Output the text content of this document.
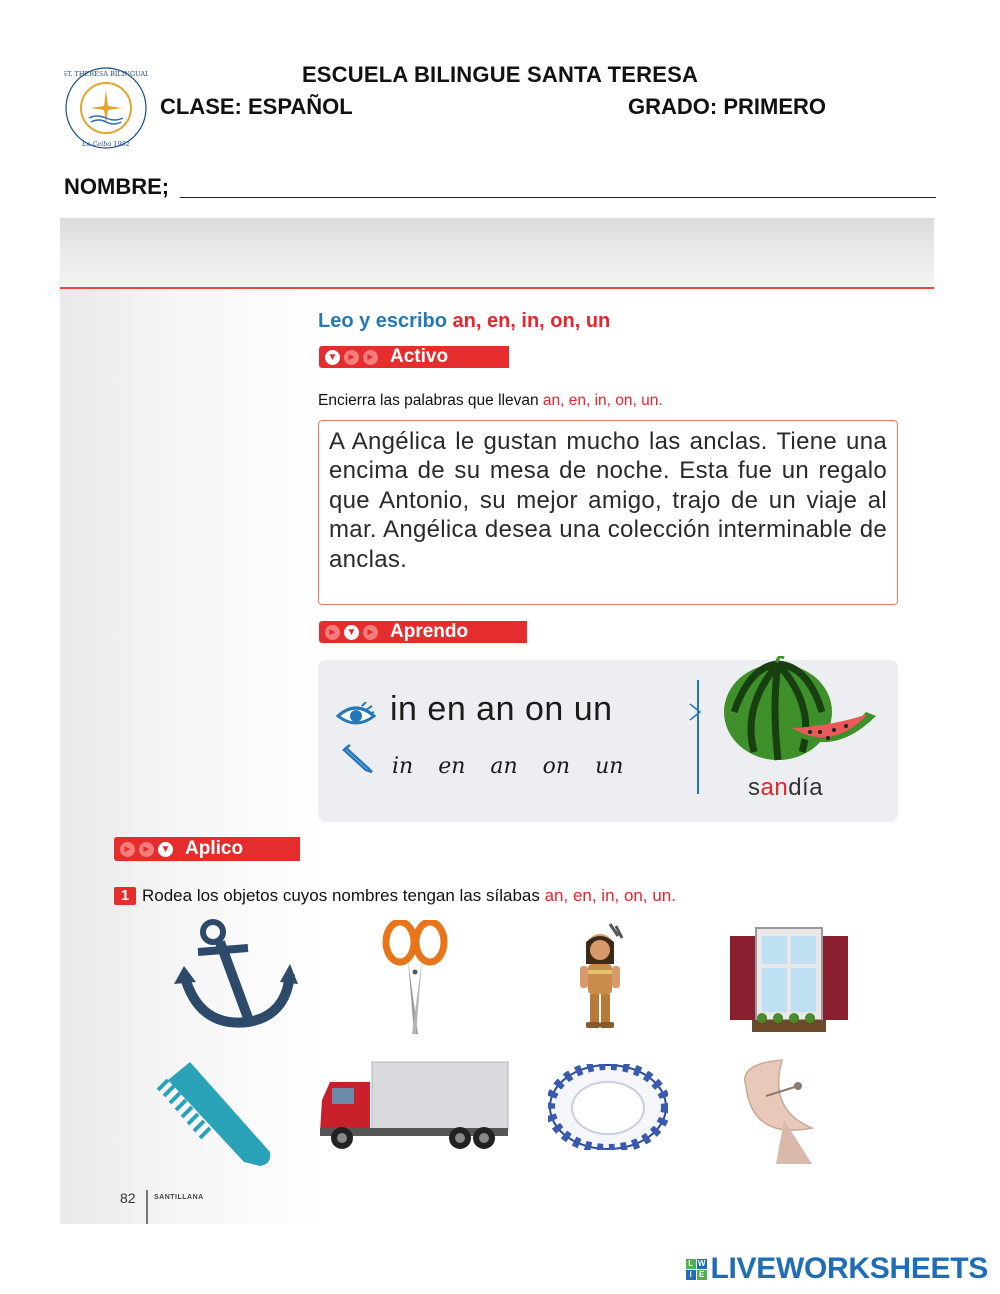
ST. THERESA BILINGUAL
La Ceiba 1952
ESCUELA BILINGUE SANTA TERESA
CLASE: ESPAÑOL	GRADO: PRIMERO
NOMBRE;
Leo y escribo an, en, in, on, un
▼ ► ► Activo
Encierra las palabras que llevan an, en, in, on, un.
A Angélica le gustan mucho las anclas. Tiene una encima de su mesa de noche. Esta fue un regalo que Antonio, su mejor amigo, trajo de un viaje al mar. Angélica desea una colección interminable de anclas.
► ▼ ► Aprendo
in en an on un
in en an on un
sandía
► ► ▼ Aplico
1 Rodea los objetos cuyos nombres tengan las sílabas
an, en, in, on, un.
82	SANTILLANA
L W
I E LIVEWORKSHEETS
